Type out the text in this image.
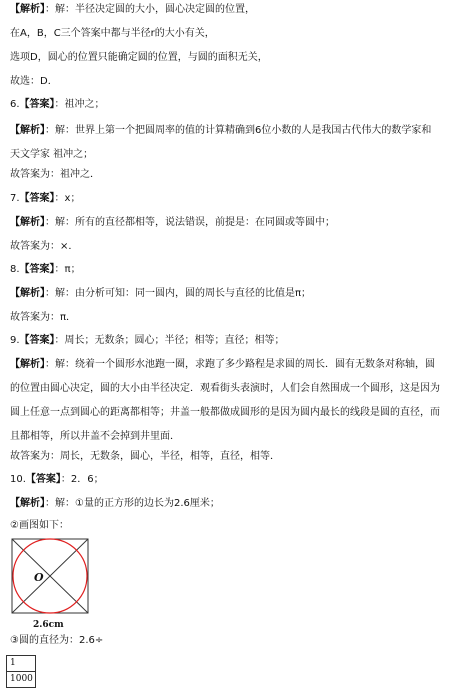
【解析】：解：半径决定圆的大小，圆心决定圆的位置，
在A，B，C三个答案中都与半径r的大小有关，
选项D，圆心的位置只能确定圆的位置，与圆的面积无关，
故选：D．
6.【答案】：祖冲之；
【解析】：解：世界上第一个把圆周率的值的计算精确到6位小数的人是我国古代伟大的数学家和天文学家 祖冲之；
故答案为：祖冲之．
7.【答案】：x；
【解析】：解：所有的直径都相等，说法错误，前提是：在同圆或等圆中；
故答案为：×．
8.【答案】：π；
【解析】：解：由分析可知：同一圆内，圆的周长与直径的比值是π；
故答案为：π．
9.【答案】：周长；无数条；圆心；半径；相等；直径；相等；
【解析】：解：绕着一个圆形水池跑一圈，求跑了多少路程是求圆的周长．圆有无数条对称轴，圆的位置由圆心决定，圆的大小由半径决定．观看街头表演时，人们会自然围成一个圆形，这是因为圆上任意一点到圆心的距离都相等；井盖一般都做成圆形的是因为圆内最长的线段是圆的直径，而且都相等，所以井盖不会掉到井里面．
故答案为：周长，无数条，圆心，半径，相等，直径，相等．
10.【答案】：2．6；
【解析】：解：①量的正方形的边长为2.6厘米；
②画图如下：
O
2.6cm
③圆的直径为：2.6÷
$\frac{1}{1000}$
